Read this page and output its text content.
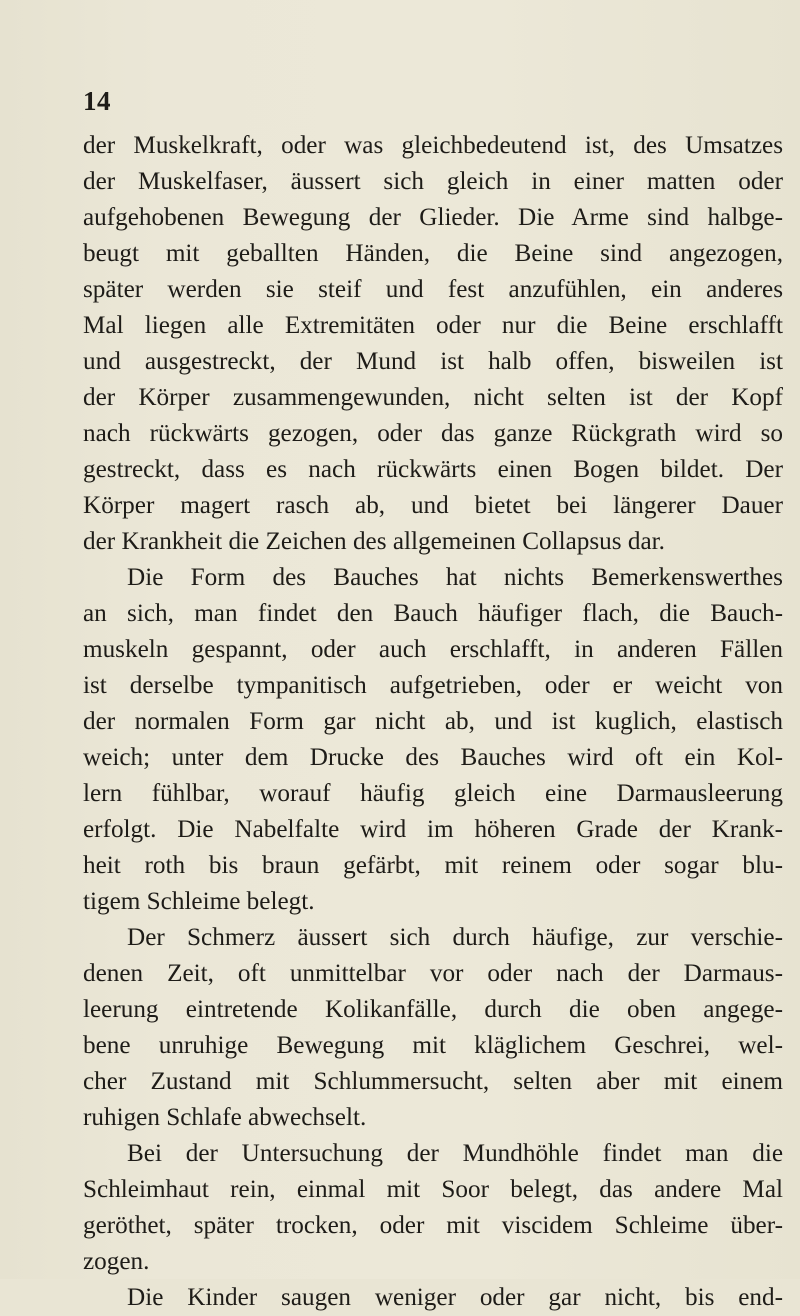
14
der Muskelkraft, oder was gleichbedeutend ist, des Umsatzes
der Muskelfaser, äussert sich gleich in einer matten oder
aufgehobenen Bewegung der Glieder. Die Arme sind halbge-
beugt mit geballten Händen, die Beine sind angezogen,
später werden sie steif und fest anzufühlen, ein anderes
Mal liegen alle Extremitäten oder nur die Beine erschlafft
und ausgestreckt, der Mund ist halb offen, bisweilen ist
der Körper zusammengewunden, nicht selten ist der Kopf
nach rückwärts gezogen, oder das ganze Rückgrath wird so
gestreckt, dass es nach rückwärts einen Bogen bildet. Der
Körper magert rasch ab, und bietet bei längerer Dauer
der Krankheit die Zeichen des allgemeinen Collapsus dar.
Die Form des Bauches hat nichts Bemerkenswerthes
an sich, man findet den Bauch häufiger flach, die Bauch-
muskeln gespannt, oder auch erschlafft, in anderen Fällen
ist derselbe tympanitisch aufgetrieben, oder er weicht von
der normalen Form gar nicht ab, und ist kuglich, elastisch
weich; unter dem Drucke des Bauches wird oft ein Kol-
lern fühlbar, worauf häufig gleich eine Darmausleerung
erfolgt. Die Nabelfalte wird im höheren Grade der Krank-
heit roth bis braun gefärbt, mit reinem oder sogar blu-
tigem Schleime belegt.
Der Schmerz äussert sich durch häufige, zur verschie-
denen Zeit, oft unmittelbar vor oder nach der Darmaus-
leerung eintretende Kolikanfälle, durch die oben angege-
bene unruhige Bewegung mit kläglichem Geschrei, wel-
cher Zustand mit Schlummersucht, selten aber mit einem
ruhigen Schlafe abwechselt.
Bei der Untersuchung der Mundhöhle findet man die
Schleimhaut rein, einmal mit Soor belegt, das andere Mal
geröthet, später trocken, oder mit viscidem Schleime über-
zogen.
Die Kinder saugen weniger oder gar nicht, bis end-
